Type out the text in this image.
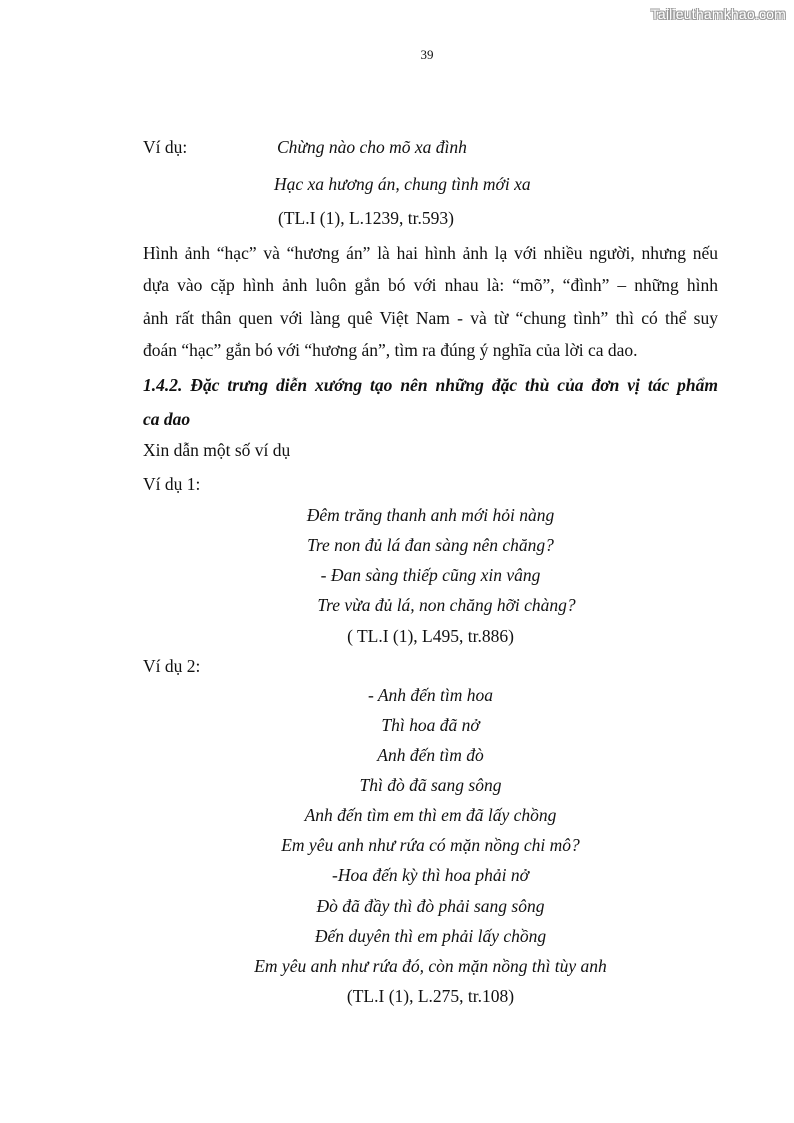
Tailieuthamkhao.com
39
Ví dụ:	Chừng nào cho mõ xa đình
Hạc xa hương án, chung tình mới xa
(TL.I (1), L.1239, tr.593)
Hình ảnh “hạc” và “hương án” là hai hình ảnh lạ với nhiều người, nhưng nếu
dựa vào cặp hình ảnh luôn gắn bó với nhau là: “mõ”, “đình” – những hình
ảnh rất thân quen với làng quê Việt Nam - và từ “chung tình” thì có thể suy
đoán “hạc” gắn bó với “hương án”, tìm ra đúng ý nghĩa của lời ca dao.
1.4.2. Đặc trưng diễn xướng tạo nên những đặc thù của đơn vị tác phẩm
ca dao
Xin dẫn một số ví dụ
Ví dụ 1:
Đêm trăng thanh anh mới hỏi nàng
Tre non đủ lá đan sàng nên chăng?
- Đan sàng thiếp cũng xin vâng
Tre vừa đủ lá, non chăng hỡi chàng?
( TL.I (1), L495, tr.886)
Ví dụ 2:
- Anh đến tìm hoa
Thì hoa đã nở
Anh đến tìm đò
Thì đò đã sang sông
Anh đến tìm em thì em đã lấy chồng
Em yêu anh như rứa có mặn nồng chi mô?
-Hoa đến kỳ thì hoa phải nở
Đò đã đầy thì đò phải sang sông
Đến duyên thì em phải lấy chồng
Em yêu anh như rứa đó, còn mặn nồng thì tùy anh
(TL.I (1), L.275, tr.108)
